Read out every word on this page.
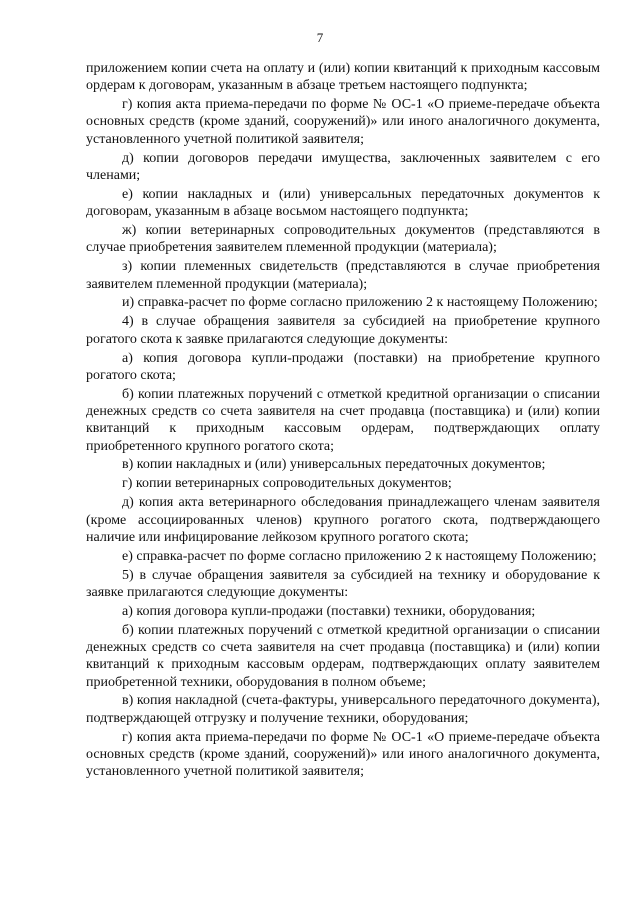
7

приложением копии счета на оплату и (или) копии квитанций к приходным кассовым ордерам к договорам, указанным в абзаце третьем настоящего подпункта;

г) копия акта приема-передачи по форме № ОС-1 «О приеме-передаче объекта основных средств (кроме зданий, сооружений)» или иного аналогичного документа, установленного учетной политикой заявителя;

д) копии договоров передачи имущества, заключенных заявителем с его членами;

е) копии накладных и (или) универсальных передаточных документов к договорам, указанным в абзаце восьмом настоящего подпункта;

ж) копии ветеринарных сопроводительных документов (представляются в случае приобретения заявителем племенной продукции (материала);

з) копии племенных свидетельств (представляются в случае приобретения заявителем племенной продукции (материала);

и) справка-расчет по форме согласно приложению 2 к настоящему Положению;

4) в случае обращения заявителя за субсидией на приобретение крупного рогатого скота к заявке прилагаются следующие документы:

а) копия договора купли-продажи (поставки) на приобретение крупного рогатого скота;

б) копии платежных поручений с отметкой кредитной организации о списании денежных средств со счета заявителя на счет продавца (поставщика) и (или) копии квитанций к приходным кассовым ордерам, подтверждающих оплату приобретенного крупного рогатого скота;

в) копии накладных и (или) универсальных передаточных документов;

г) копии ветеринарных сопроводительных документов;

д) копия акта ветеринарного обследования принадлежащего членам заявителя (кроме ассоциированных членов) крупного рогатого скота, подтверждающего наличие или инфицирование лейкозом крупного рогатого скота;

е) справка-расчет по форме согласно приложению 2 к настоящему Положению;

5) в случае обращения заявителя за субсидией на технику и оборудование к заявке прилагаются следующие документы:

а) копия договора купли-продажи (поставки) техники, оборудования;

б) копии платежных поручений с отметкой кредитной организации о списании денежных средств со счета заявителя на счет продавца (поставщика) и (или) копии квитанций к приходным кассовым ордерам, подтверждающих оплату заявителем приобретенной техники, оборудования в полном объеме;

в) копия накладной (счета-фактуры, универсального передаточного документа), подтверждающей отгрузку и получение техники, оборудования;

г) копия акта приема-передачи по форме № ОС-1 «О приеме-передаче объекта основных средств (кроме зданий, сооружений)» или иного аналогичного документа, установленного учетной политикой заявителя;
